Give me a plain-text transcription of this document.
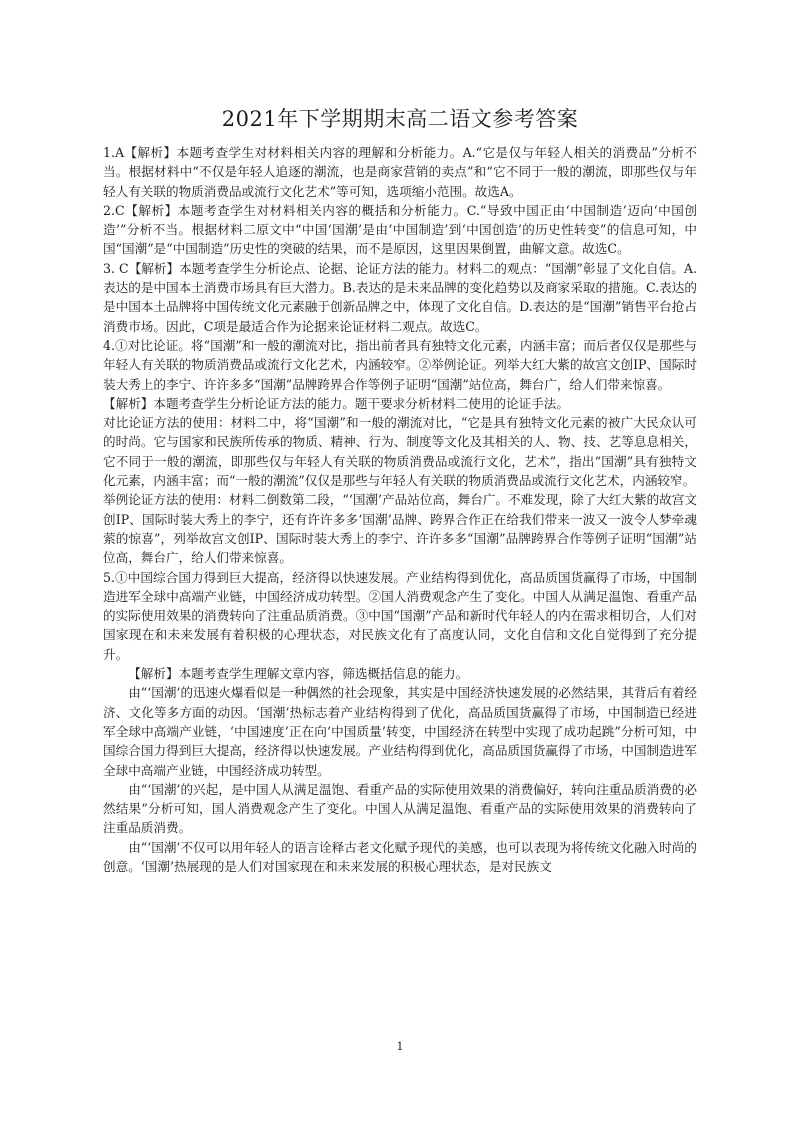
2021年下学期期末高二语文参考答案

1.A【解析】本题考查学生对材料相关内容的理解和分析能力。A.“它是仅与年轻人相关的消费品”分析不当。根据材料中“不仅是年轻人追逐的潮流，也是商家营销的卖点”和“它不同于一般的潮流，即那些仅与年轻人有关联的物质消费品或流行文化艺术”等可知，选项缩小范围。故选A。

2.C【解析】本题考查学生对材料相关内容的概括和分析能力。C.“导致中国正由‘中国制造’迈向‘中国创造’”分析不当。根据材料二原文中“中国‘国潮’是由‘中国制造’到‘中国创造’的历史性转变”的信息可知，中国“国潮”是“中国制造”历史性的突破的结果，而不是原因，这里因果倒置，曲解文意。故选C。

3. C【解析】本题考查学生分析论点、论据、论证方法的能力。材料二的观点：“国潮”彰显了文化自信。A.表达的是中国本土消费市场具有巨大潜力。B.表达的是未来品牌的变化趋势以及商家采取的措施。C.表达的是中国本土品牌将中国传统文化元素融于创新品牌之中，体现了文化自信。D.表达的是“国潮”销售平台抢占消费市场。因此，C项是最适合作为论据来论证材料二观点。故选C。

4.①对比论证。将“国潮”和一般的潮流对比，指出前者具有独特文化元素，内涵丰富；而后者仅仅是那些与年轻人有关联的物质消费品或流行文化艺术，内涵较窄。②举例论证。列举大红大紫的故宫文创IP、国际时装大秀上的李宁、许许多多“国潮”品牌跨界合作等例子证明“国潮”站位高，舞台广，给人们带来惊喜。

【解析】本题考查学生分析论证方法的能力。题干要求分析材料二使用的论证手法。

对比论证方法的使用：材料二中，将“国潮”和一般的潮流对比，“它是具有独特文化元素的被广大民众认可的时尚。它与国家和民族所传承的物质、精神、行为、制度等文化及其相关的人、物、技、艺等息息相关，它不同于一般的潮流，即那些仅与年轻人有关联的物质消费品或流行文化，艺术”，指出“国潮”具有独特文化元素，内涵丰富；而“一般的潮流”仅仅是那些与年轻人有关联的物质消费品或流行文化艺术，内涵较窄。

举例论证方法的使用：材料二倒数第二段，“‘国潮’产品站位高，舞台广。不难发现，除了大红大紫的故宫文创IP、国际时装大秀上的李宁，还有许许多多‘国潮’品牌、跨界合作正在给我们带来一波又一波令人梦牵魂萦的惊喜”，列举故宫文创IP、国际时装大秀上的李宁、许许多多“国潮”品牌跨界合作等例子证明“国潮”站位高，舞台广，给人们带来惊喜。

5.①中国综合国力得到巨大提高，经济得以快速发展。产业结构得到优化，高品质国货赢得了市场，中国制造进军全球中高端产业链，中国经济成功转型。②国人消费观念产生了变化。中国人从满足温饱、看重产品的实际使用效果的消费转向了注重品质消费。③中国“国潮”产品和新时代年轻人的内在需求相切合，人们对国家现在和未来发展有着积极的心理状态，对民族文化有了高度认同，文化自信和文化自觉得到了充分提升。

【解析】本题考查学生理解文章内容，筛选概括信息的能力。

由“‘国潮’的迅速火爆看似是一种偶然的社会现象，其实是中国经济快速发展的必然结果，其背后有着经济、文化等多方面的动因。‘国潮’热标志着产业结构得到了优化，高品质国货赢得了市场，中国制造已经进军全球中高端产业链，‘中国速度’正在向‘中国质量’转变，中国经济在转型中实现了成功起跳”分析可知，中国综合国力得到巨大提高，经济得以快速发展。产业结构得到优化，高品质国货赢得了市场，中国制造进军全球中高端产业链，中国经济成功转型。

由“‘国潮’的兴起，是中国人从满足温饱、看重产品的实际使用效果的消费偏好，转向注重品质消费的必然结果”分析可知，国人消费观念产生了变化。中国人从满足温饱、看重产品的实际使用效果的消费转向了注重品质消费。

由“‘国潮’不仅可以用年轻人的语言诠释古老文化赋予现代的美感，也可以表现为将传统文化融入时尚的创意。‘国潮’热展现的是人们对国家现在和未来发展的积极心理状态，是对民族文

1
